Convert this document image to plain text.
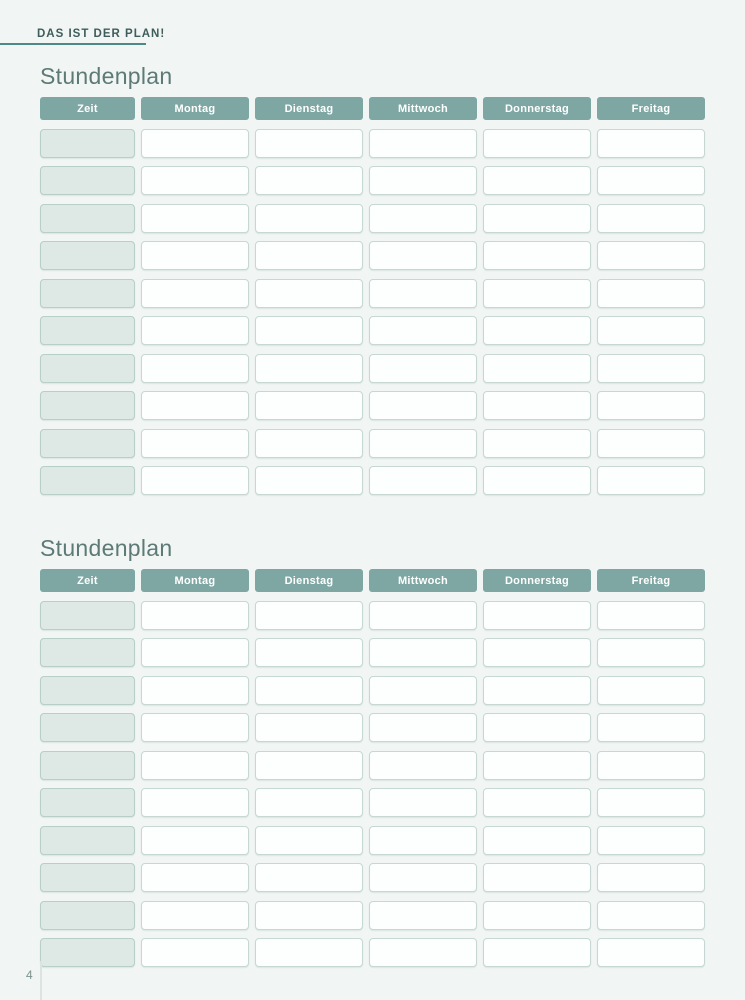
DAS IST DER PLAN!
Stundenplan
Zeit	Montag	Dienstag	Mittwoch	Donnerstag	Freitag
Stundenplan
Zeit	Montag	Dienstag	Mittwoch	Donnerstag	Freitag
4
